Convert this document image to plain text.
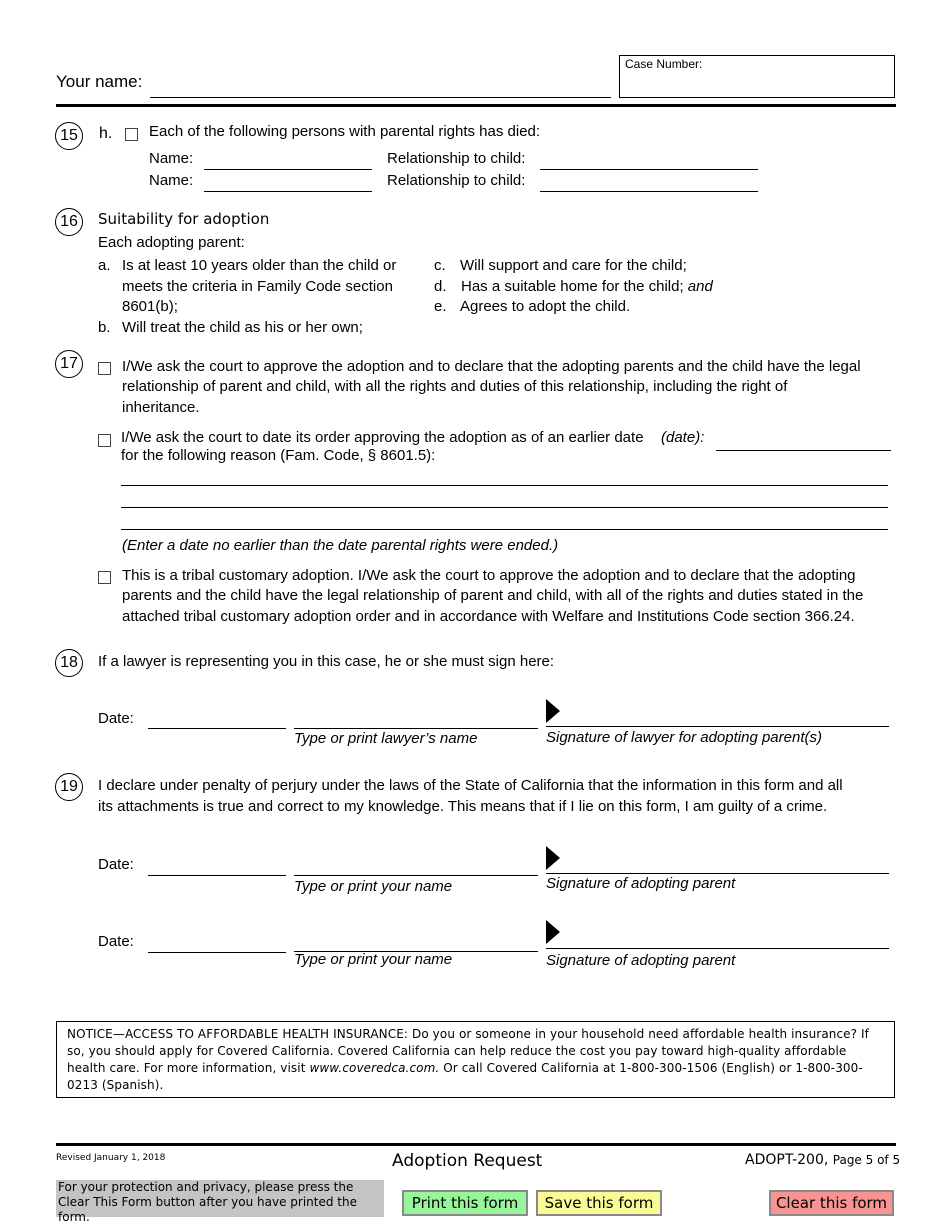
Your name:
Case Number:
15	h. Each of the following persons with parental rights has died:
Name:	Relationship to child:
Name:	Relationship to child:
16	Suitability for adoption
Each adopting parent:
a. Is at least 10 years older than the child or
meets the criteria in Family Code section
8601(b);
b. Will treat the child as his or her own;
c. Will support and care for the child;
d. Has a suitable home for the child; and
e. Agrees to adopt the child.
17	I/We ask the court to approve the adoption and to declare that the adopting parents and the child have the legal
relationship of parent and child, with all the rights and duties of this relationship, including the right of
inheritance.
I/We ask the court to date its order approving the adoption as of an earlier date (date):
for the following reason (Fam. Code, § 8601.5):
(Enter a date no earlier than the date parental rights were ended.)
This is a tribal customary adoption. I/We ask the court to approve the adoption and to declare that the adopting
parents and the child have the legal relationship of parent and child, with all of the rights and duties stated in the
attached tribal customary adoption order and in accordance with Welfare and Institutions Code section 366.24.
18	If a lawyer is representing you in this case, he or she must sign here:
Date:
Type or print lawyer’s name	Signature of lawyer for adopting parent(s)
19	I declare under penalty of perjury under the laws of the State of California that the information in this form and all
its attachments is true and correct to my knowledge. This means that if I lie on this form, I am guilty of a crime.
Date:
Type or print your name	Signature of adopting parent
Date:
Type or print your name	Signature of adopting parent
NOTICE—ACCESS TO AFFORDABLE HEALTH INSURANCE: Do you or someone in your household need affordable health insurance? If so, you should apply for Covered California. Covered California can help reduce the cost you pay toward high-quality affordable health care. For more information, visit www.coveredca.com. Or call Covered California at 1-800-300-1506 (English) or 1-800-300-0213 (Spanish).
Revised January 1, 2018	Adoption Request	ADOPT-200, Page 5 of 5
For your protection and privacy, please press the Clear This Form button after you have printed the form.
Print this form	Save this form	Clear this form
